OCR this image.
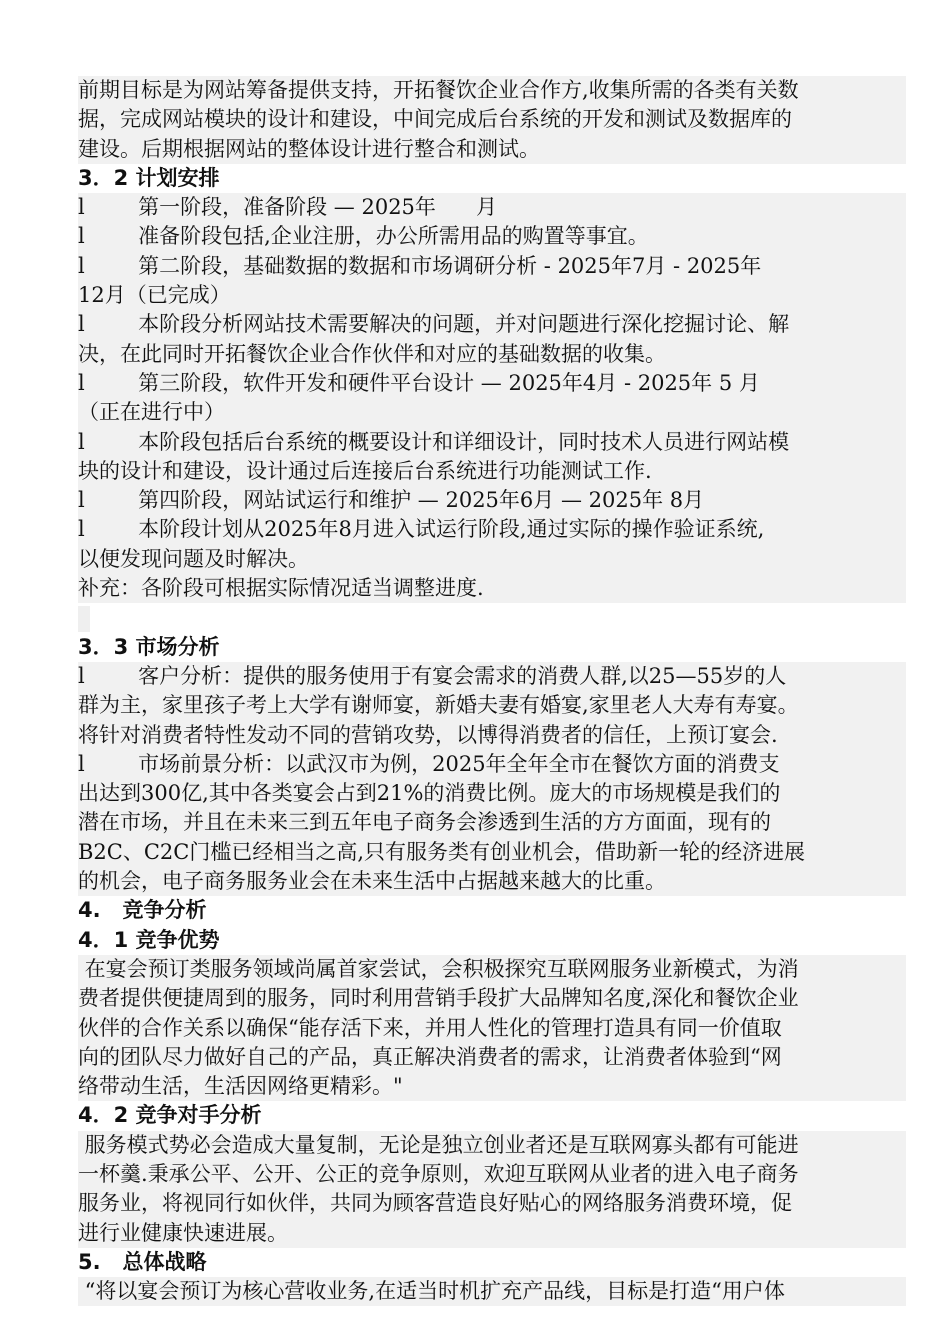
前期目标是为网站筹备提供支持，开拓餐饮企业合作方,收集所需的各类有关数
据，完成网站模块的设计和建设，中间完成后台系统的开发和测试及数据库的
建设。后期根据网站的整体设计进行整合和测试。
3．2 计划安排
l        第一阶段，准备阶段 — 2025年      月
l        准备阶段包括,企业注册，办公所需用品的购置等事宜。
l        第二阶段，基础数据的数据和市场调研分析 - 2025年7月 - 2025年
12月（已完成）
l        本阶段分析网站技术需要解决的问题，并对问题进行深化挖掘讨论、解
决，在此同时开拓餐饮企业合作伙伴和对应的基础数据的收集。
l        第三阶段，软件开发和硬件平台设计 — 2025年4月 - 2025年 5 月
（正在进行中）
l        本阶段包括后台系统的概要设计和详细设计，同时技术人员进行网站模
块的设计和建设，设计通过后连接后台系统进行功能测试工作.
l        第四阶段，网站试运行和维护 — 2025年6月 — 2025年 8月
l        本阶段计划从2025年8月进入试运行阶段,通过实际的操作验证系统,
以便发现问题及时解决。
补充：各阶段可根据实际情况适当调整进度.
3．3 市场分析
l        客户分析：提供的服务使用于有宴会需求的消费人群,以25—55岁的人
群为主，家里孩子考上大学有谢师宴，新婚夫妻有婚宴,家里老人大寿有寿宴。
将针对消费者特性发动不同的营销攻势，以博得消费者的信任，上预订宴会.
l        市场前景分析：以武汉市为例，2025年全年全市在餐饮方面的消费支
出达到300亿,其中各类宴会占到21%的消费比例。庞大的市场规模是我们的
潜在市场，并且在未来三到五年电子商务会渗透到生活的方方面面，现有的
B2C、C2C门槛已经相当之高,只有服务类有创业机会，借助新一轮的经济进展
的机会，电子商务服务业会在未来生活中占据越来越大的比重。
4.   竞争分析
4．1 竞争优势
在宴会预订类服务领域尚属首家尝试，会积极探究互联网服务业新模式，为消
费者提供便捷周到的服务，同时利用营销手段扩大品牌知名度,深化和餐饮企业
伙伴的合作关系以确保“能存活下来，并用人性化的管理打造具有同一价值取
向的团队尽力做好自己的产品，真正解决消费者的需求，让消费者体验到“网
络带动生活，生活因网络更精彩。"
4．2 竞争对手分析
服务模式势必会造成大量复制，无论是独立创业者还是互联网寡头都有可能进
一杯羹.秉承公平、公开、公正的竞争原则，欢迎互联网从业者的进入电子商务
服务业，将视同行如伙伴，共同为顾客营造良好贴心的网络服务消费环境，促
进行业健康快速进展。
5.   总体战略
“将以宴会预订为核心营收业务,在适当时机扩充产品线，目标是打造“用户体
